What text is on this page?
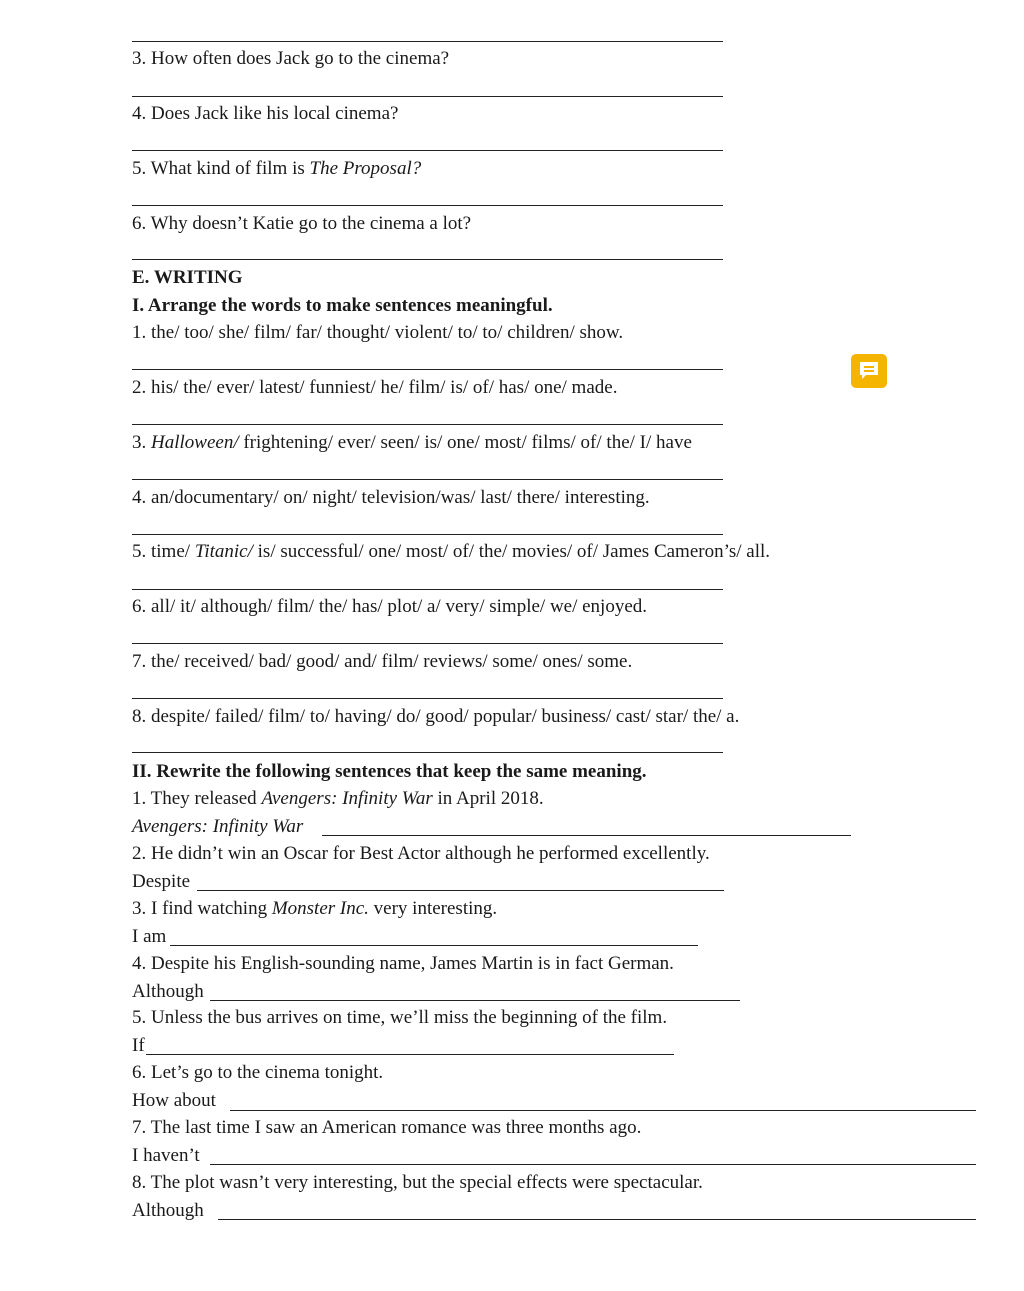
3. How often does Jack go to the cinema?
4. Does Jack like his local cinema?
5. What kind of film is The Proposal?
6. Why doesn’t Katie go to the cinema a lot?
E. WRITING
I. Arrange the words to make sentences meaningful.
1. the/ too/ she/ film/ far/ thought/ violent/ to/ to/ children/ show.
2. his/ the/ ever/ latest/ funniest/ he/ film/ is/ of/ has/ one/ made.
3. Halloween/ frightening/ ever/ seen/ is/ one/ most/ films/ of/ the/ I/ have
4. an/documentary/ on/ night/ television/was/ last/ there/ interesting.
5. time/ Titanic/ is/ successful/ one/ most/ of/ the/ movies/ of/ James Cameron’s/ all.
6. all/ it/ although/ film/ the/ has/ plot/ a/ very/ simple/ we/ enjoyed.
7. the/ received/ bad/ good/ and/ film/ reviews/ some/ ones/ some.
8. despite/ failed/ film/ to/ having/ do/ good/ popular/ business/ cast/ star/ the/ a.
II. Rewrite the following sentences that keep the same meaning.
1. They released Avengers: Infinity War in April 2018.
Avengers: Infinity War
2. He didn’t win an Oscar for Best Actor although he performed excellently.
Despite
3. I find watching Monster Inc. very interesting.
I am
4. Despite his English-sounding name, James Martin is in fact German.
Although
5. Unless the bus arrives on time, we’ll miss the beginning of the film.
If
6. Let’s go to the cinema tonight.
How about
7. The last time I saw an American romance was three months ago.
I haven’t
8. The plot wasn’t very interesting, but the special effects were spectacular.
Although
